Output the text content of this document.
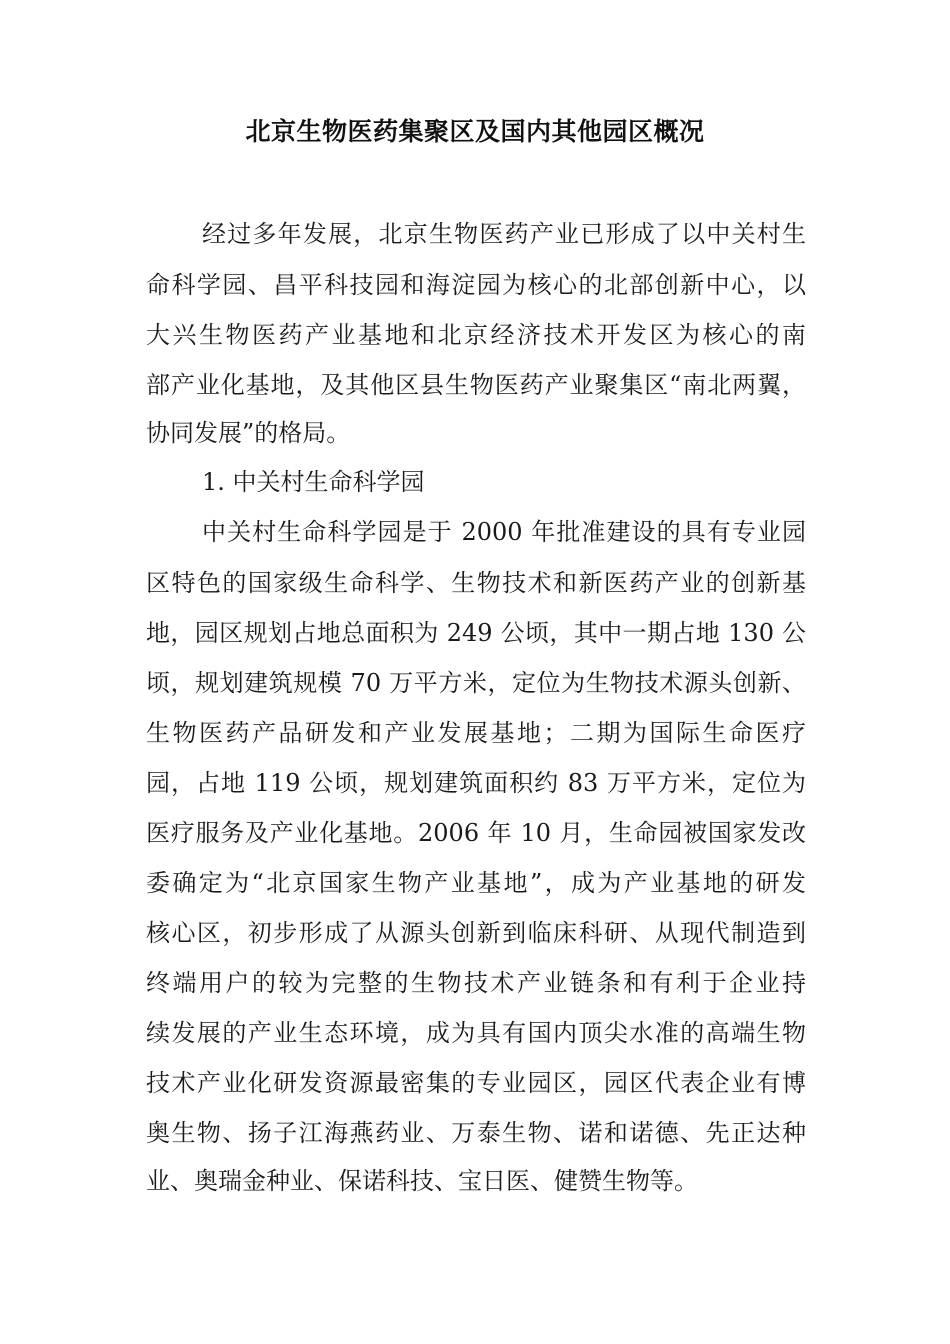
北京生物医药集聚区及国内其他园区概况
经过多年发展，北京生物医药产业已形成了以中关村生
命科学园、昌平科技园和海淀园为核心的北部创新中心，以
大兴生物医药产业基地和北京经济技术开发区为核心的南
部产业化基地，及其他区县生物医药产业聚集区“南北两翼，
协同发展”的格局。
1. 中关村生命科学园
中关村生命科学园是于 2000 年批准建设的具有专业园
区特色的国家级生命科学、生物技术和新医药产业的创新基
地，园区规划占地总面积为 249 公顷，其中一期占地 130 公
顷，规划建筑规模 70 万平方米，定位为生物技术源头创新、
生物医药产品研发和产业发展基地；二期为国际生命医疗
园，占地 119 公顷，规划建筑面积约 83 万平方米，定位为
医疗服务及产业化基地。2006 年 10 月，生命园被国家发改
委确定为“北京国家生物产业基地”，成为产业基地的研发
核心区，初步形成了从源头创新到临床科研、从现代制造到
终端用户的较为完整的生物技术产业链条和有利于企业持
续发展的产业生态环境，成为具有国内顶尖水准的高端生物
技术产业化研发资源最密集的专业园区，园区代表企业有博
奥生物、扬子江海燕药业、万泰生物、诺和诺德、先正达种
业、奥瑞金种业、保诺科技、宝日医、健赞生物等。
